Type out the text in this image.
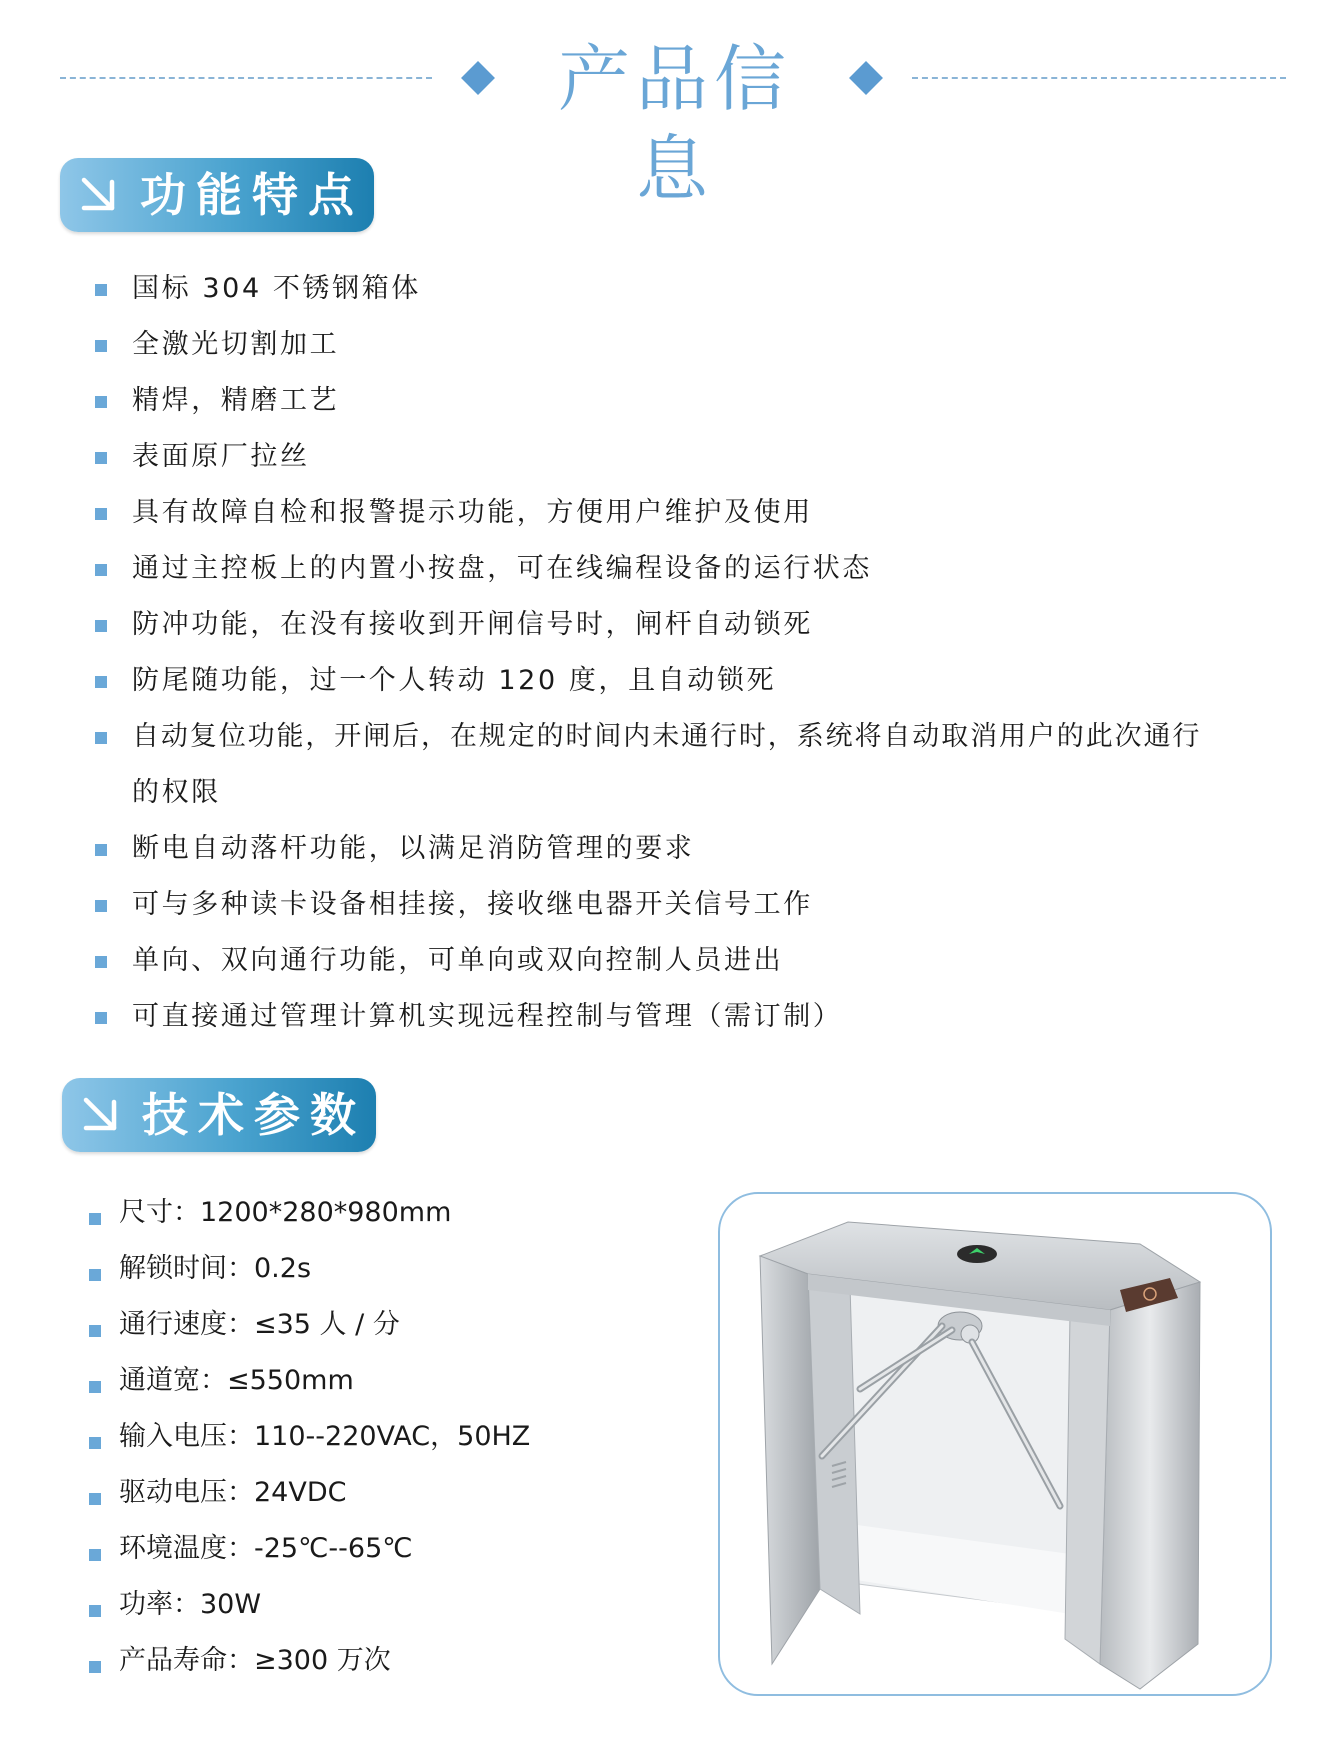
产品信息
功能特点
国标 304 不锈钢箱体
全激光切割加工
精焊，精磨工艺
表面原厂拉丝
具有故障自检和报警提示功能，方便用户维护及使用
通过主控板上的内置小按盘，可在线编程设备的运行状态
防冲功能，在没有接收到开闸信号时，闸杆自动锁死
防尾随功能，过一个人转动 120 度，且自动锁死
自动复位功能，开闸后，在规定的时间内未通行时，系统将自动取消用户的此次通行
的权限
断电自动落杆功能，以满足消防管理的要求
可与多种读卡设备相挂接，接收继电器开关信号工作
单向、双向通行功能，可单向或双向控制人员进出
可直接通过管理计算机实现远程控制与管理（需订制）
技术参数
尺寸：1200*280*980mm
解锁时间：0.2s
通行速度：≤35 人 / 分
通道宽：≤550mm
输入电压：110--220VAC，50HZ
驱动电压：24VDC
环境温度：-25℃--65℃
功率：30W
产品寿命：≥300 万次
